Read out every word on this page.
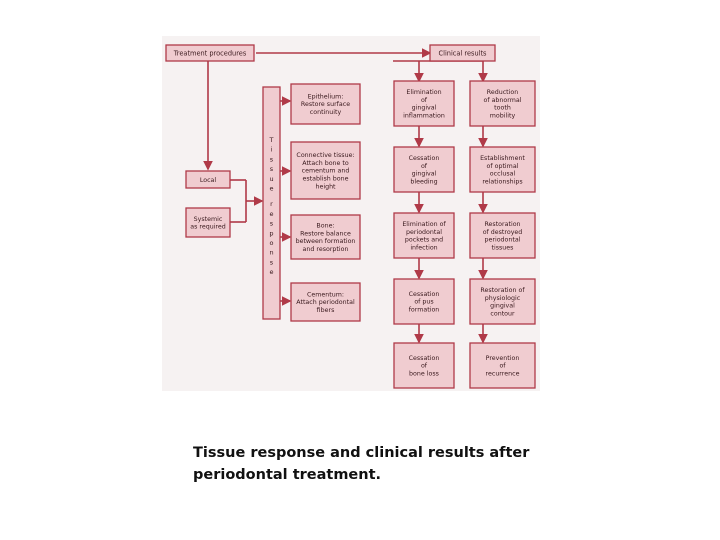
Treatment procedures	Clinical results
Local
Systemic
as required
T
i
s
s
u
e
r
e
s
p
o
n
s
e
Epithelium:
Restore surface
continuity
Connective tissue:
Attach bone to
cementum and
establish bone
height
Bone:
Restore balance
between formation
and resorption
Cementum:
Attach periodontal
fibers
Elimination
of
gingival
inflammation
Cessation
of
gingival
bleeding
Elimination of
periodontal
pockets and
infection
Cessation
of pus
formation
Cessation
of
bone loss
Reduction
of abnormal
tooth
mobility
Establishment
of optimal
occlusal
relationships
Restoration
of destroyed
periodontal
tissues
Restoration of
physiologic
gingival
contour
Prevention
of
recurrence
Tissue response and clinical results after periodontal treatment.
